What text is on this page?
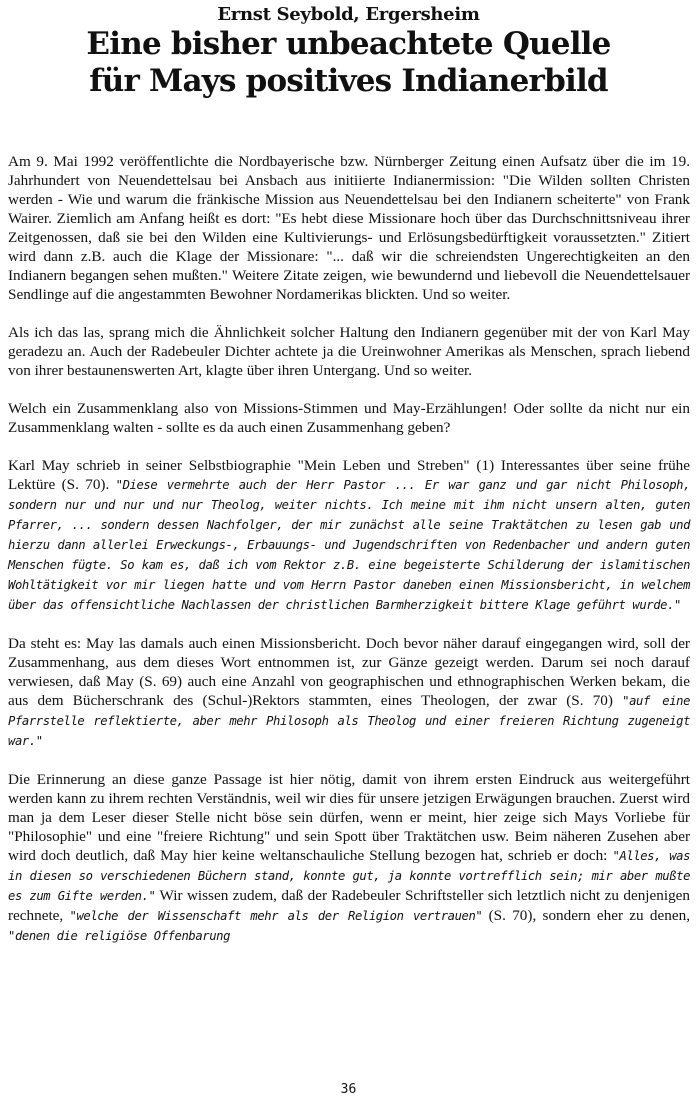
Ernst Seybold, Ergersheim
Eine bisher unbeachtete Quelle
für Mays positives Indianerbild

Am 9. Mai 1992 veröffentlichte die Nordbayerische bzw. Nürnberger Zeitung einen Aufsatz über die im 19. Jahrhundert von Neuendettelsau bei Ansbach aus initiierte Indianermission: "Die Wilden sollten Christen werden - Wie und warum die fränkische Mission aus Neuendettelsau bei den Indianern scheiterte" von Frank Wairer. Ziemlich am Anfang heißt es dort: "Es hebt diese Missionare hoch über das Durchschnittsniveau ihrer Zeitgenossen, daß sie bei den Wilden eine Kultivierungs- und Erlösungsbedürftigkeit voraussetzten." Zitiert wird dann z.B. auch die Klage der Missionare: "... daß wir die schreiendsten Ungerechtigkeiten an den Indianern begangen sehen mußten." Weitere Zitate zeigen, wie bewundernd und liebevoll die Neuendettelsauer Sendlinge auf die angestammten Bewohner Nordamerikas blickten. Und so weiter.

Als ich das las, sprang mich die Ähnlichkeit solcher Haltung den Indianern gegenüber mit der von Karl May geradezu an. Auch der Radebeuler Dichter achtete ja die Ureinwohner Amerikas als Menschen, sprach liebend von ihrer bestaunenswerten Art, klagte über ihren Untergang. Und so weiter.

Welch ein Zusammenklang also von Missions-Stimmen und May-Erzählungen! Oder sollte da nicht nur ein Zusammenklang walten - sollte es da auch einen Zusammenhang geben?

Karl May schrieb in seiner Selbstbiographie "Mein Leben und Streben" (1) Interessantes über seine frühe Lektüre (S. 70). "Diese vermehrte auch der Herr Pastor ... Er war ganz und gar nicht Philosoph, sondern nur und nur und nur Theolog, weiter nichts. Ich meine mit ihm nicht unsern alten, guten Pfarrer, ... sondern dessen Nachfolger, der mir zunächst alle seine Traktätchen zu lesen gab und hierzu dann allerlei Erweckungs-, Erbauungs- und Jugendschriften von Redenbacher und andern guten Menschen fügte. So kam es, daß ich vom Rektor z.B. eine begeisterte Schilderung der islamitischen Wohltätigkeit vor mir liegen hatte und vom Herrn Pastor daneben einen Missionsbericht, in welchem über das offensichtliche Nachlassen der christlichen Barmherzigkeit bittere Klage geführt wurde."

Da steht es: May las damals auch einen Missionsbericht. Doch bevor näher darauf eingegangen wird, soll der Zusammenhang, aus dem dieses Wort entnommen ist, zur Gänze gezeigt werden. Darum sei noch darauf verwiesen, daß May (S. 69) auch eine Anzahl von geographischen und ethnographischen Werken bekam, die aus dem Bücherschrank des (Schul-)Rektors stammten, eines Theologen, der zwar (S. 70) "auf eine Pfarrstelle reflektierte, aber mehr Philosoph als Theolog und einer freieren Richtung zugeneigt war."

Die Erinnerung an diese ganze Passage ist hier nötig, damit von ihrem ersten Eindruck aus weitergeführt werden kann zu ihrem rechten Verständnis, weil wir dies für unsere jetzigen Erwägungen brauchen. Zuerst wird man ja dem Leser dieser Stelle nicht böse sein dürfen, wenn er meint, hier zeige sich Mays Vorliebe für "Philosophie" und eine "freiere Richtung" und sein Spott über Traktätchen usw. Beim näheren Zusehen aber wird doch deutlich, daß May hier keine weltanschauliche Stellung bezogen hat, schrieb er doch: "Alles, was in diesen so verschiedenen Büchern stand, konnte gut, ja konnte vortrefflich sein; mir aber mußte es zum Gifte werden." Wir wissen zudem, daß der Radebeuler Schriftsteller sich letztlich nicht zu denjenigen rechnete, "welche der Wissenschaft mehr als der Religion vertrauen" (S. 70), sondern eher zu denen, "denen die religiöse Offenbarung

36
